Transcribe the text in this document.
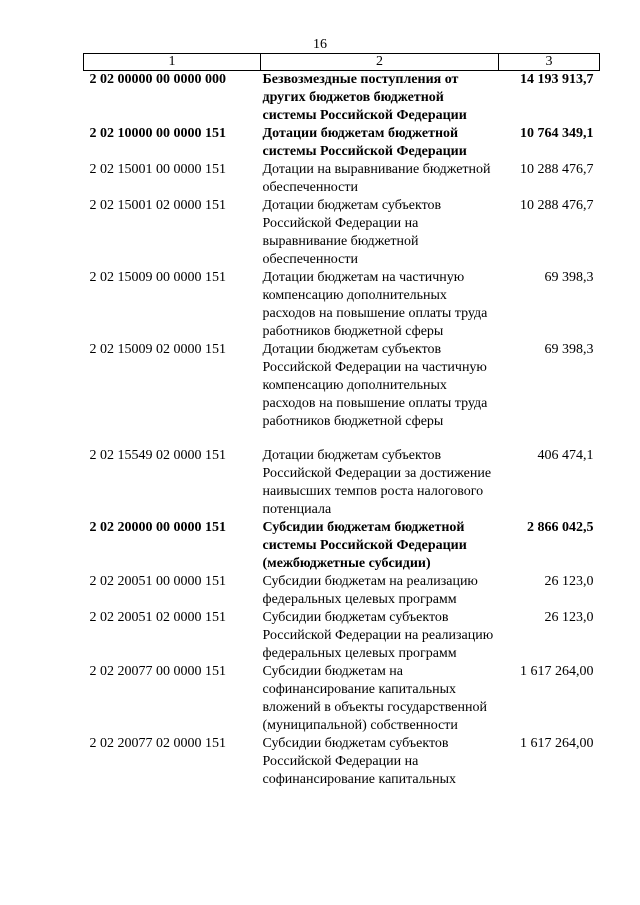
16
1	2	3
2 02 00000 00 0000 000	Безвозмездные поступления от других бюджетов бюджетной системы Российской Федерации	14 193 913,7
2 02 10000 00 0000 151	Дотации бюджетам бюджетной системы Российской Федерации	10 764 349,1
2 02 15001 00 0000 151	Дотации на выравнивание бюджетной обеспеченности	10 288 476,7
2 02 15001 02 0000 151	Дотации бюджетам субъектов Российской Федерации на выравнивание бюджетной обеспеченности	10 288 476,7
2 02 15009 00 0000 151	Дотации бюджетам на частичную компенсацию дополнительных расходов на повышение оплаты труда работников бюджетной сферы	69 398,3
2 02 15009 02 0000 151	Дотации бюджетам субъектов Российской Федерации на частичную компенсацию дополнительных расходов на повышение оплаты труда работников бюджетной сферы	69 398,3
2 02 15549 02 0000 151	Дотации бюджетам субъектов Российской Федерации за достижение наивысших темпов роста налогового потенциала	406 474,1
2 02 20000 00 0000 151	Субсидии бюджетам бюджетной системы Российской Федерации (межбюджетные субсидии)	2 866 042,5
2 02 20051 00 0000 151	Субсидии бюджетам на реализацию федеральных целевых программ	26 123,0
2 02 20051 02 0000 151	Субсидии бюджетам субъектов Российской Федерации на реализацию федеральных целевых программ	26 123,0
2 02 20077 00 0000 151	Субсидии бюджетам на софинансирование капитальных вложений в объекты государственной (муниципальной) собственности	1 617 264,00
2 02 20077 02 0000 151	Субсидии бюджетам субъектов Российской Федерации на софинансирование капитальных	1 617 264,00
